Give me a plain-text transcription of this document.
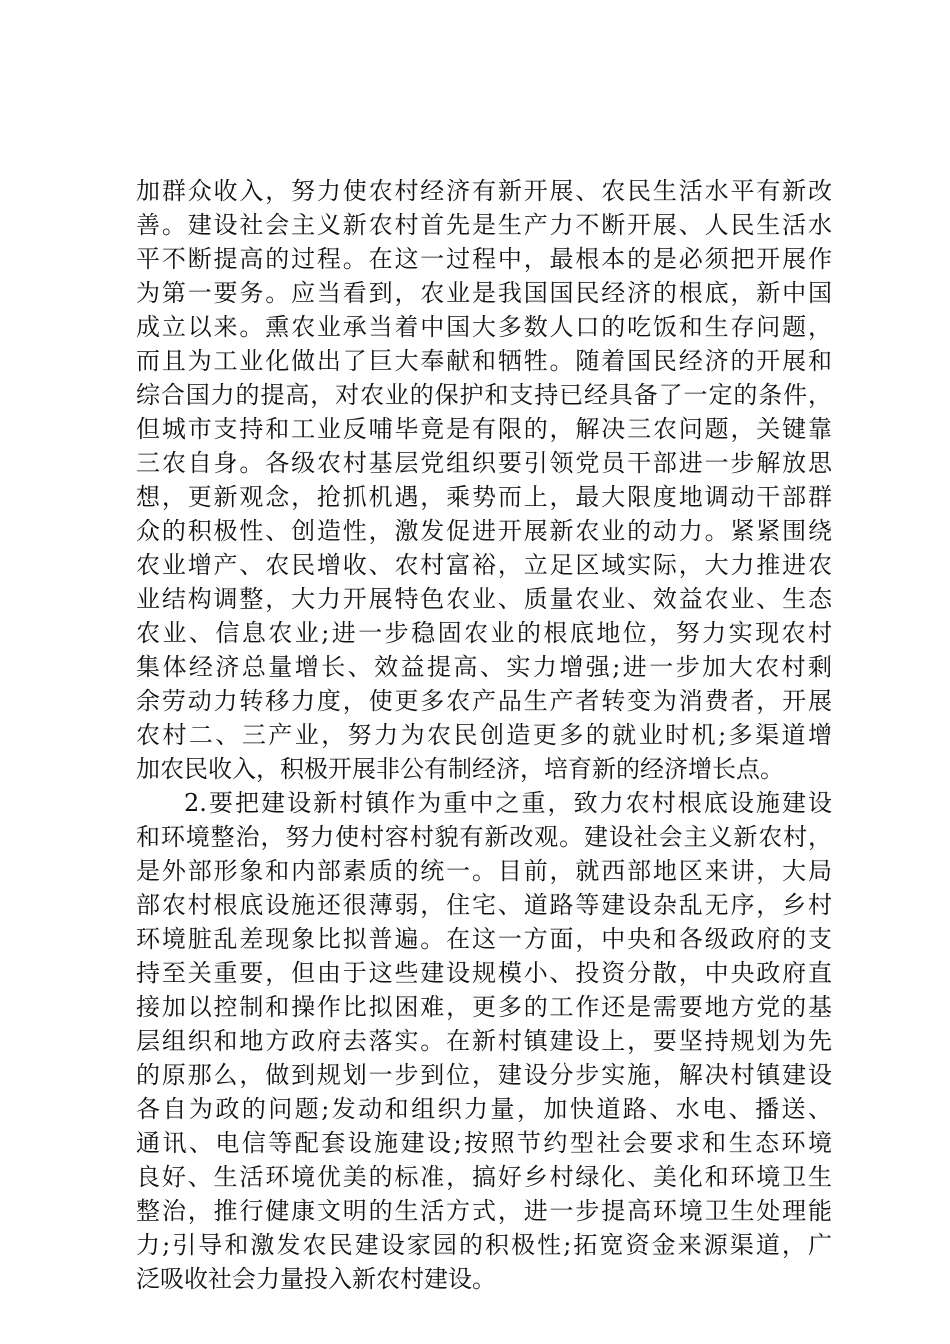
加群众收入，努力使农村经济有新开展、农民生活水平有新改
善。建设社会主义新农村首先是生产力不断开展、人民生活水
平不断提高的过程。在这一过程中，最根本的是必须把开展作
为第一要务。应当看到，农业是我国国民经济的根底，新中国
成立以来。熏农业承当着中国大多数人口的吃饭和生存问题，
而且为工业化做出了巨大奉献和牺牲。随着国民经济的开展和
综合国力的提高，对农业的保护和支持已经具备了一定的条件，
但城市支持和工业反哺毕竟是有限的，解决三农问题，关键靠
三农自身。各级农村基层党组织要引领党员干部进一步解放思
想，更新观念，抢抓机遇，乘势而上，最大限度地调动干部群
众的积极性、创造性，激发促进开展新农业的动力。紧紧围绕
农业增产、农民增收、农村富裕，立足区域实际，大力推进农
业结构调整，大力开展特色农业、质量农业、效益农业、生态
农业、信息农业;进一步稳固农业的根底地位，努力实现农村
集体经济总量增长、效益提高、实力增强;进一步加大农村剩
余劳动力转移力度，使更多农产品生产者转变为消费者，开展
农村二、三产业，努力为农民创造更多的就业时机;多渠道增
加农民收入，积极开展非公有制经济，培育新的经济增长点。
2.要把建设新村镇作为重中之重，致力农村根底设施建设
和环境整治，努力使村容村貌有新改观。建设社会主义新农村，
是外部形象和内部素质的统一。目前，就西部地区来讲，大局
部农村根底设施还很薄弱，住宅、道路等建设杂乱无序，乡村
环境脏乱差现象比拟普遍。在这一方面，中央和各级政府的支
持至关重要，但由于这些建设规模小、投资分散，中央政府直
接加以控制和操作比拟困难，更多的工作还是需要地方党的基
层组织和地方政府去落实。在新村镇建设上，要坚持规划为先
的原那么，做到规划一步到位，建设分步实施，解决村镇建设
各自为政的问题;发动和组织力量，加快道路、水电、播送、
通讯、电信等配套设施建设;按照节约型社会要求和生态环境
良好、生活环境优美的标准，搞好乡村绿化、美化和环境卫生
整治，推行健康文明的生活方式，进一步提高环境卫生处理能
力;引导和激发农民建设家园的积极性;拓宽资金来源渠道，广
泛吸收社会力量投入新农村建设。
